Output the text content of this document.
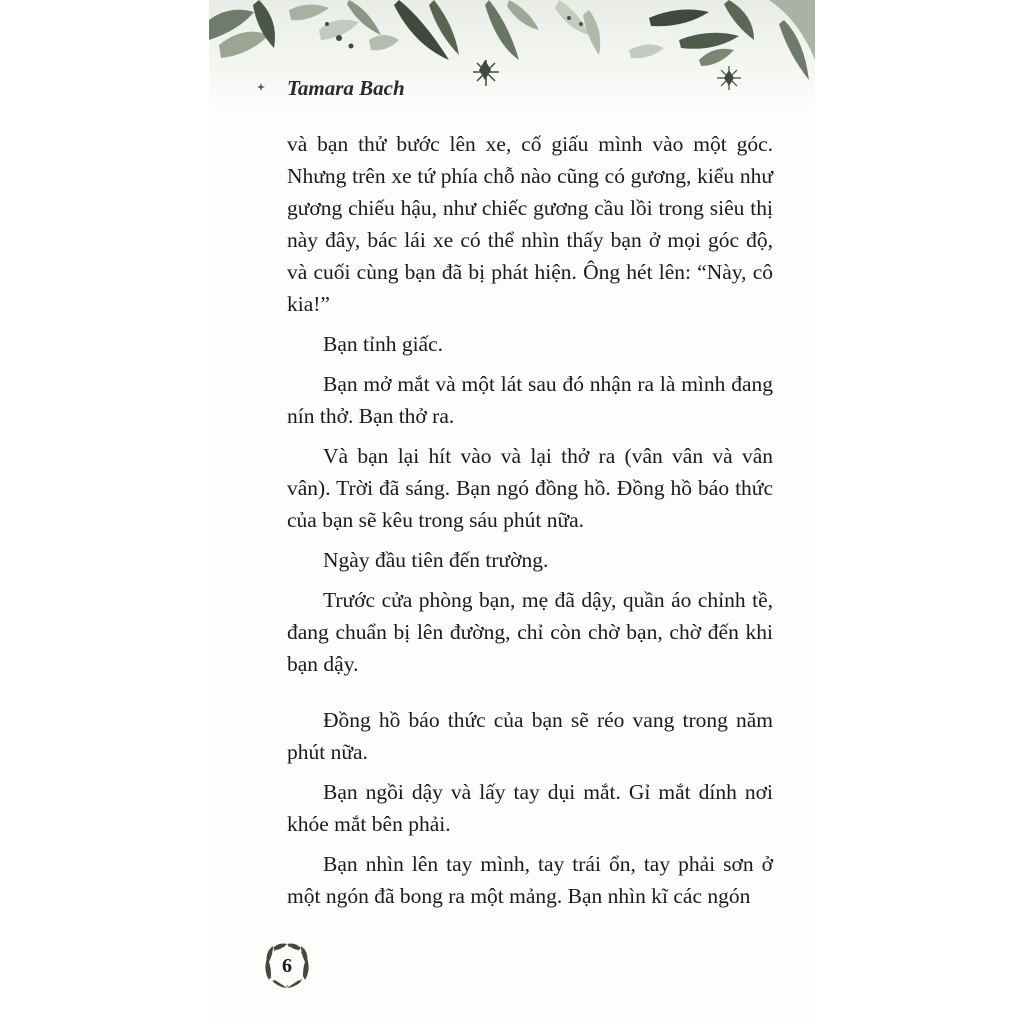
Tamara Bach

và bạn thử bước lên xe, cố giấu mình vào một góc. Nhưng trên xe tứ phía chỗ nào cũng có gương, kiểu như gương chiếu hậu, như chiếc gương cầu lồi trong siêu thị này đây, bác lái xe có thể nhìn thấy bạn ở mọi góc độ, và cuối cùng bạn đã bị phát hiện. Ông hét lên: “Này, cô kia!”

Bạn tỉnh giấc.

Bạn mở mắt và một lát sau đó nhận ra là mình đang nín thở. Bạn thở ra.

Và bạn lại hít vào và lại thở ra (vân vân và vân vân). Trời đã sáng. Bạn ngó đồng hồ. Đồng hồ báo thức của bạn sẽ kêu trong sáu phút nữa.

Ngày đầu tiên đến trường.

Trước cửa phòng bạn, mẹ đã dậy, quần áo chỉnh tề, đang chuẩn bị lên đường, chỉ còn chờ bạn, chờ đến khi bạn dậy.

Đồng hồ báo thức của bạn sẽ réo vang trong năm phút nữa.

Bạn ngồi dậy và lấy tay dụi mắt. Gỉ mắt dính nơi khóe mắt bên phải.

Bạn nhìn lên tay mình, tay trái ổn, tay phải sơn ở một ngón đã bong ra một mảng. Bạn nhìn kĩ các ngón

6
